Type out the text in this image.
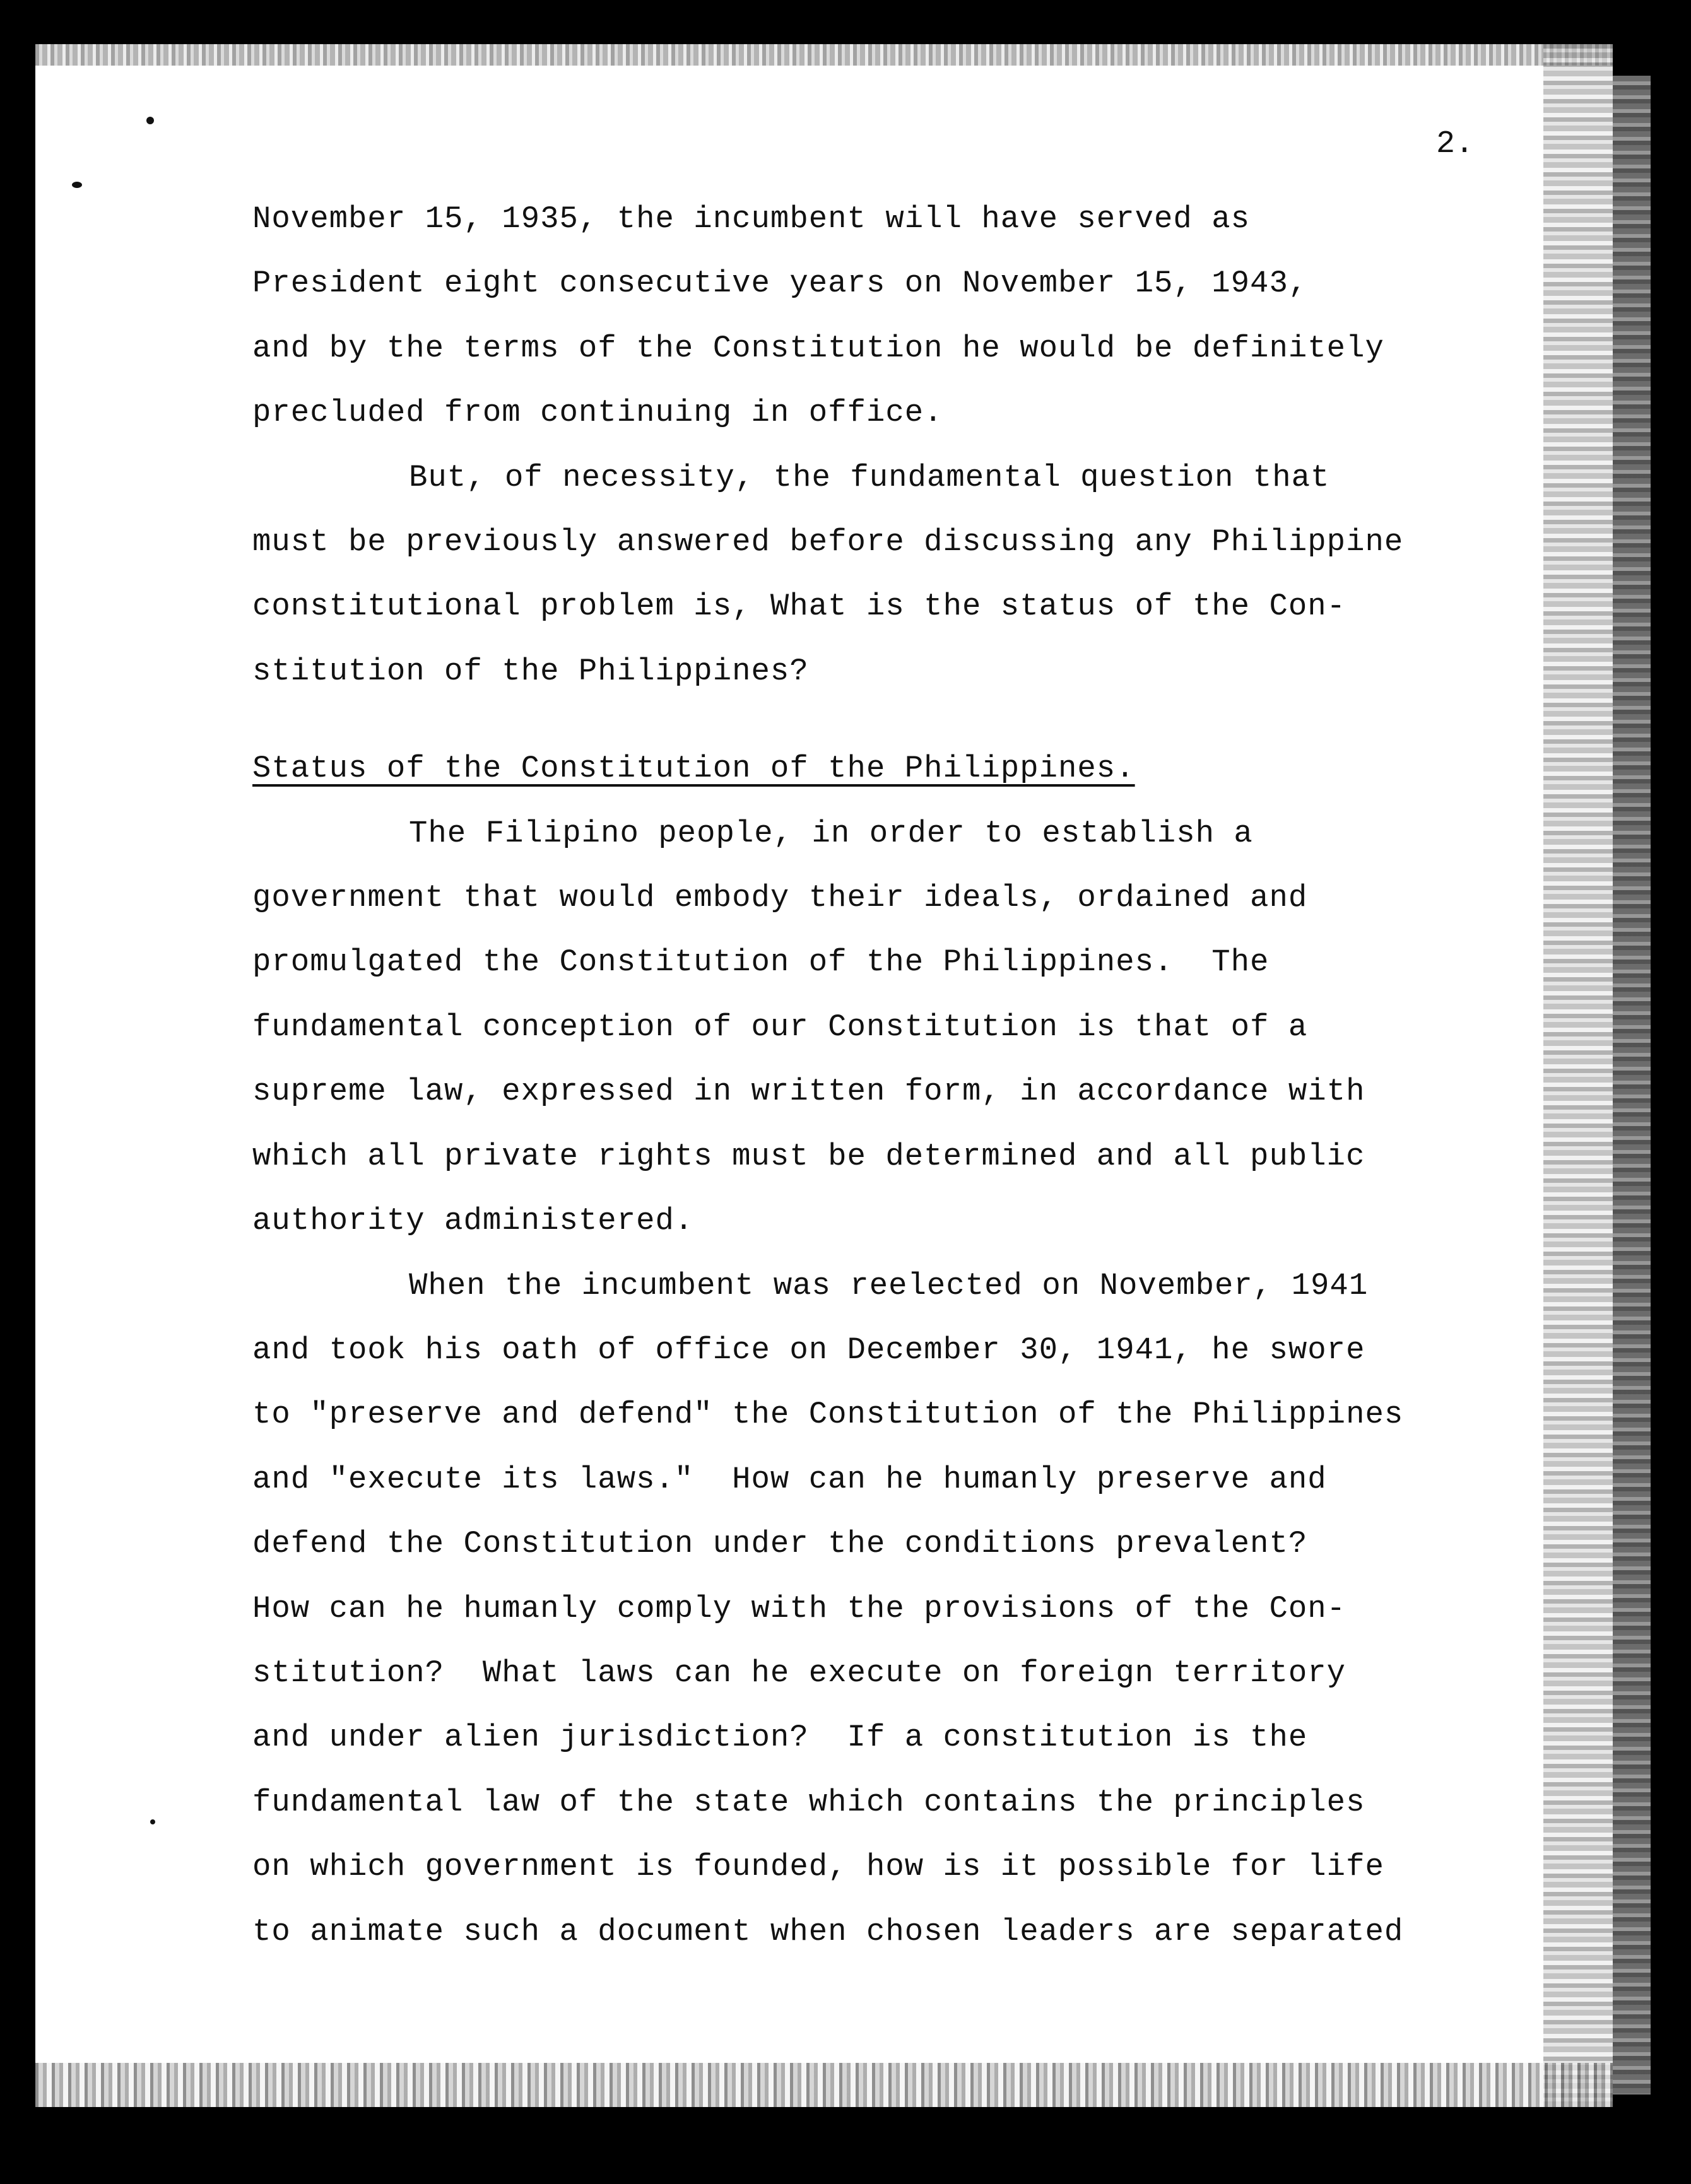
2.
November 15, 1935, the incumbent will have served as
President eight consecutive years on November 15, 1943,
and by the terms of the Constitution he would be definitely
precluded from continuing in office.
But, of necessity, the fundamental question that
must be previously answered before discussing any Philippine
constitutional problem is, What is the status of the Con-
stitution of the Philippines?
Status of the Constitution of the Philippines.
The Filipino people, in order to establish a
government that would embody their ideals, ordained and
promulgated the Constitution of the Philippines.  The
fundamental conception of our Constitution is that of a
supreme law, expressed in written form, in accordance with
which all private rights must be determined and all public
authority administered.
When the incumbent was reelected on November, 1941
and took his oath of office on December 30, 1941, he swore
to "preserve and defend" the Constitution of the Philippines
and "execute its laws."  How can he humanly preserve and
defend the Constitution under the conditions prevalent?
How can he humanly comply with the provisions of the Con-
stitution?  What laws can he execute on foreign territory
and under alien jurisdiction?  If a constitution is the
fundamental law of the state which contains the principles
on which government is founded, how is it possible for life
to animate such a document when chosen leaders are separated
